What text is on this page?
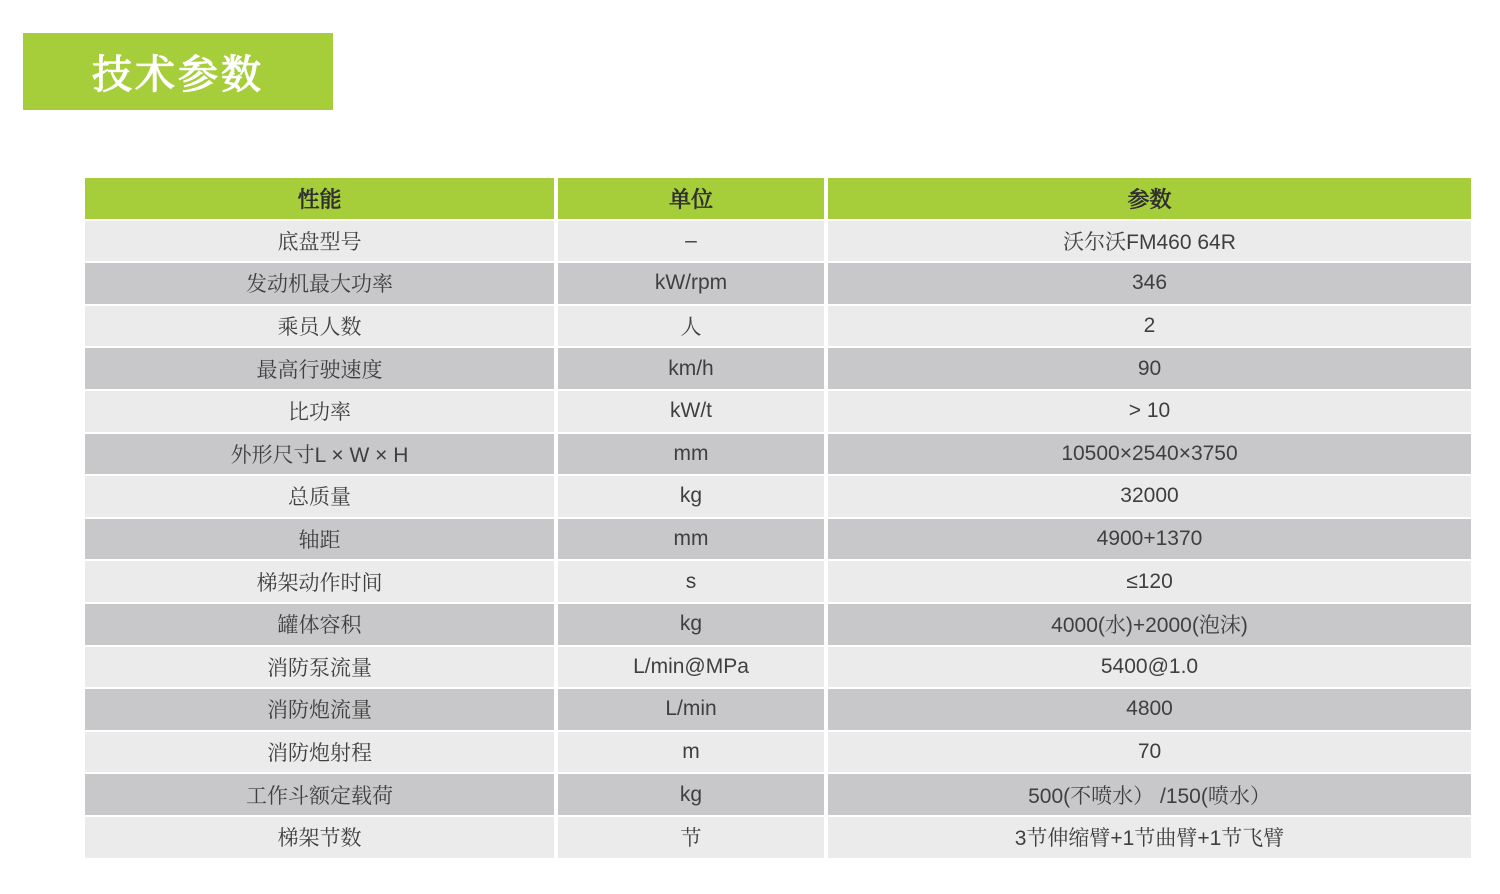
技术参数
性能	单位	参数
底盘型号	–	沃尔沃FM460 64R
发动机最大功率	kW/rpm	346
乘员人数	人	2
最高行驶速度	km/h	90
比功率	kW/t	> 10
外形尺寸L × W × H	mm	10500×2540×3750
总质量	kg	32000
轴距	mm	4900+1370
梯架动作时间	s	≤120
罐体容积	kg	4000(水)+2000(泡沫)
消防泵流量	L/min@MPa	5400@1.0
消防炮流量	L/min	4800
消防炮射程	m	70
工作斗额定载荷	kg	500(不喷水） /150(喷水）
梯架节数	节	3节伸缩臂+1节曲臂+1节飞臂
